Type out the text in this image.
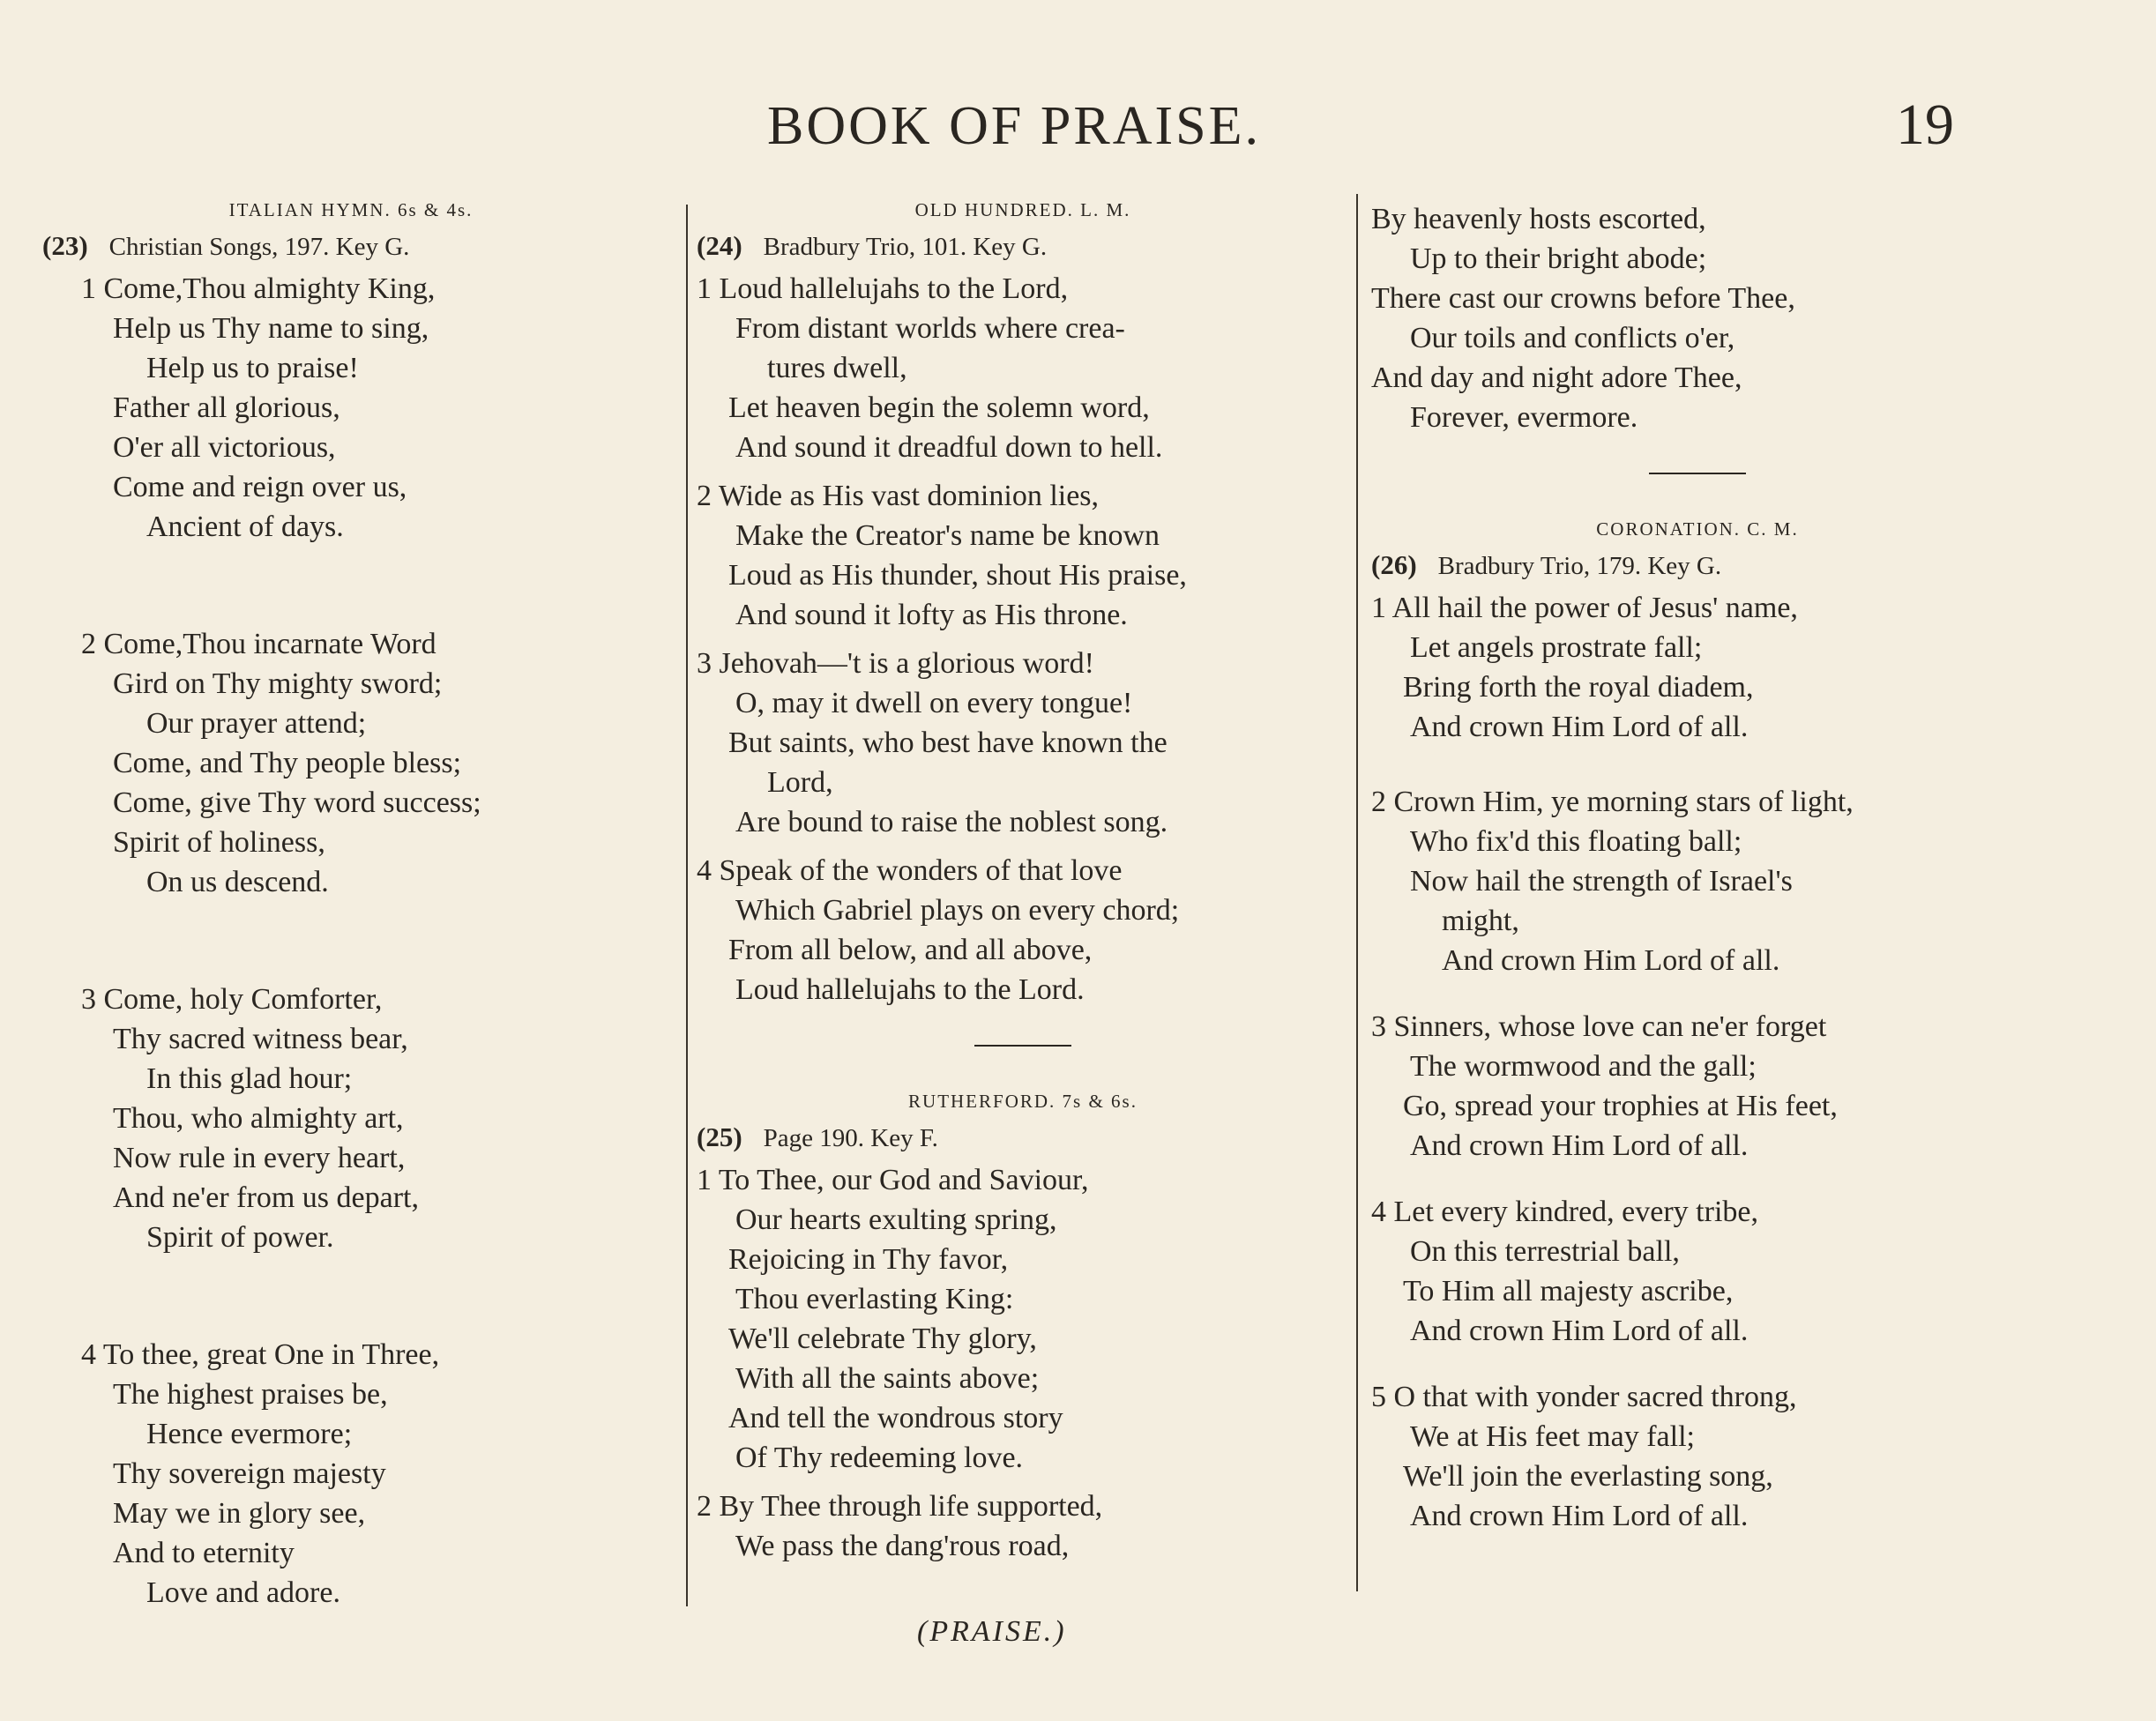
BOOK OF PRAISE.	19
ITALIAN HYMN. 6s & 4s.
(23) Christian Songs, 197. Key G.
1 Come,Thou almighty King,
Help us Thy name to sing,
Help us to praise!
Father all glorious,
O'er all victorious,
Come and reign over us,
Ancient of days.
2 Come,Thou incarnate Word
Gird on Thy mighty sword;
Our prayer attend;
Come, and Thy people bless;
Come, give Thy word success;
Spirit of holiness,
On us descend.
3 Come, holy Comforter,
Thy sacred witness bear,
In this glad hour;
Thou, who almighty art,
Now rule in every heart,
And ne'er from us depart,
Spirit of power.
4 To thee, great One in Three,
The highest praises be,
Hence evermore;
Thy sovereign majesty
May we in glory see,
And to eternity
Love and adore.
OLD HUNDRED. L. M.
(24) Bradbury Trio, 101. Key G.
1 Loud hallelujahs to the Lord,
From distant worlds where crea-
tures dwell,
Let heaven begin the solemn word,
And sound it dreadful down to hell.
2 Wide as His vast dominion lies,
Make the Creator's name be known
Loud as His thunder, shout His praise,
And sound it lofty as His throne.
3 Jehovah—'t is a glorious word!
O, may it dwell on every tongue!
But saints, who best have known the
Lord,
Are bound to raise the noblest song.
4 Speak of the wonders of that love
Which Gabriel plays on every chord;
From all below, and all above,
Loud hallelujahs to the Lord.
RUTHERFORD. 7s & 6s.
(25) Page 190. Key F.
1 To Thee, our God and Saviour,
Our hearts exulting spring,
Rejoicing in Thy favor,
Thou everlasting King:
We'll celebrate Thy glory,
With all the saints above;
And tell the wondrous story
Of Thy redeeming love.
2 By Thee through life supported,
We pass the dang'rous road,
By heavenly hosts escorted,
Up to their bright abode;
There cast our crowns before Thee,
Our toils and conflicts o'er,
And day and night adore Thee,
Forever, evermore.
CORONATION. C. M.
(26) Bradbury Trio, 179. Key G.
1 All hail the power of Jesus' name,
Let angels prostrate fall;
Bring forth the royal diadem,
And crown Him Lord of all.
2 Crown Him, ye morning stars of light,
Who fix'd this floating ball;
Now hail the strength of Israel's
might,
And crown Him Lord of all.
3 Sinners, whose love can ne'er forget
The wormwood and the gall;
Go, spread your trophies at His feet,
And crown Him Lord of all.
4 Let every kindred, every tribe,
On this terrestrial ball,
To Him all majesty ascribe,
And crown Him Lord of all.
5 O that with yonder sacred throng,
We at His feet may fall;
We'll join the everlasting song,
And crown Him Lord of all.
(PRAISE.)
